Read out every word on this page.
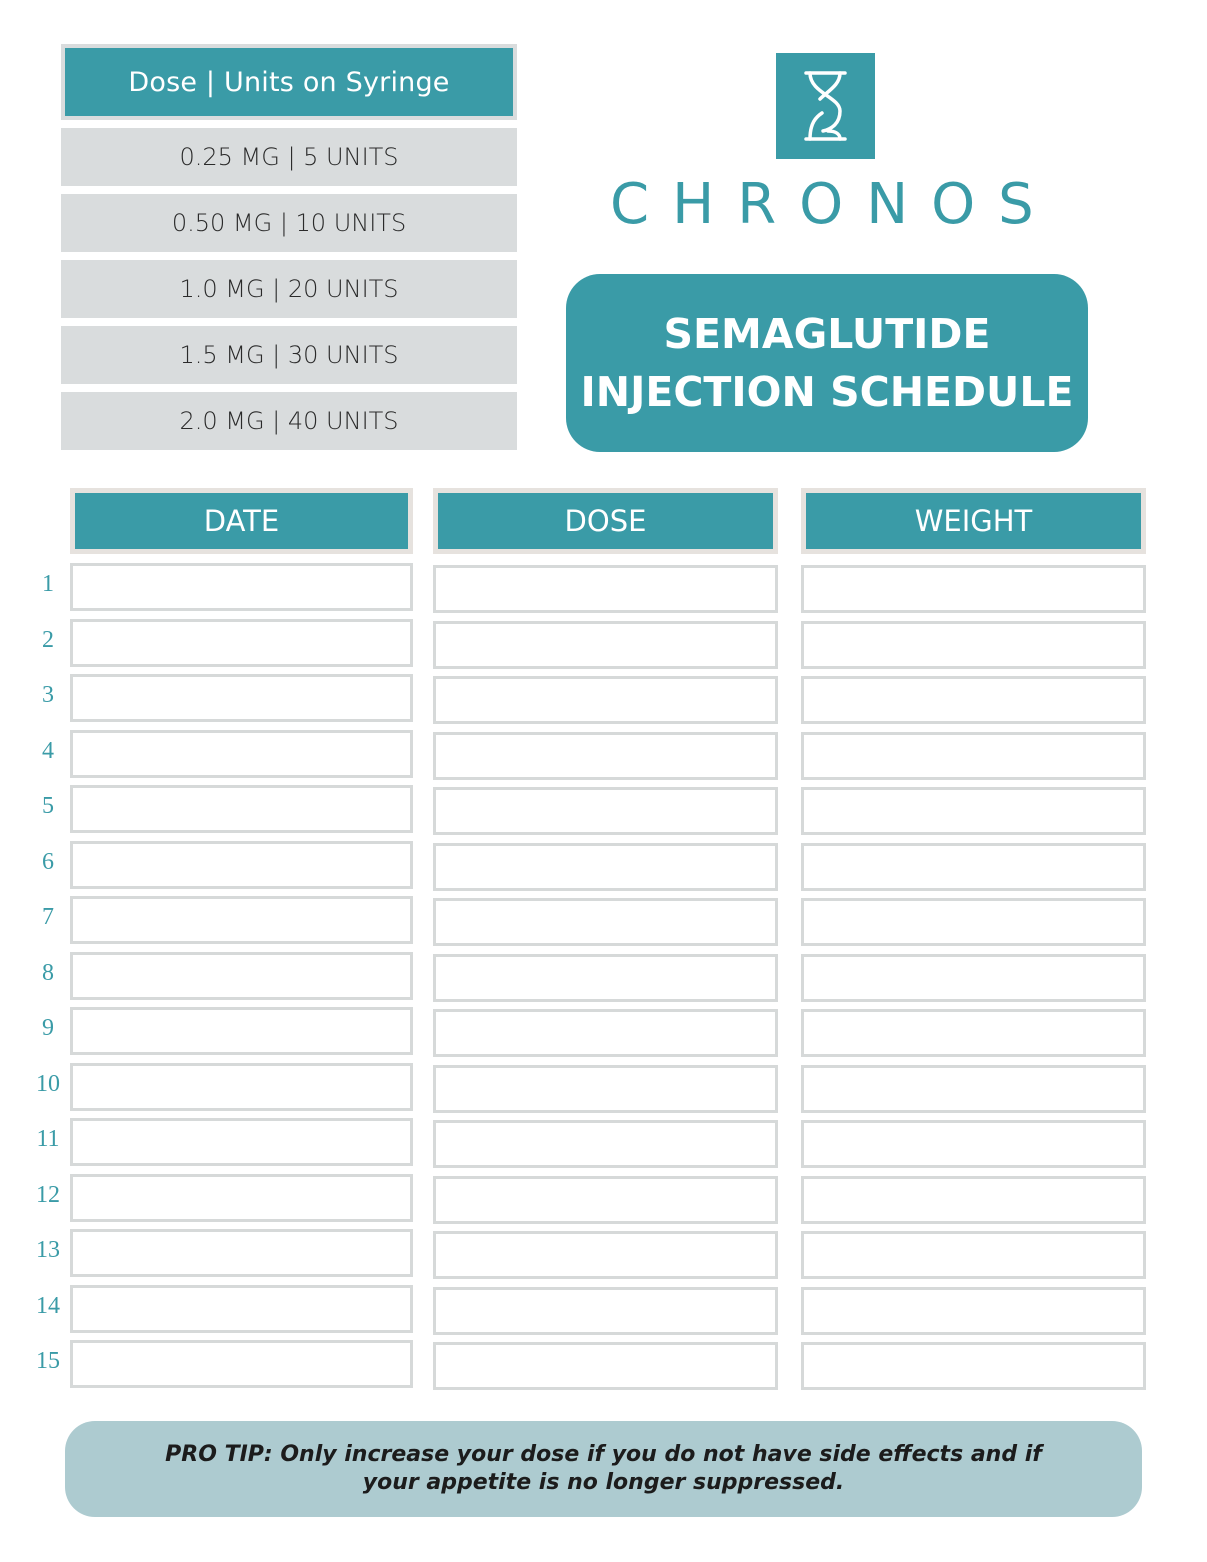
Dose | Units on Syringe
0.25 MG | 5 UNITS
0.50 MG | 10 UNITS
1.0 MG | 20 UNITS
1.5 MG | 30 UNITS
2.0 MG | 40 UNITS
CHRONOS
SEMAGLUTIDE
INJECTION SCHEDULE
DATE	DOSE	WEIGHT
1
2
3
4
5
6
7
8
9
10
11
12
13
14
15
PRO TIP: Only increase your dose if you do not have side effects and if
your appetite is no longer suppressed.
